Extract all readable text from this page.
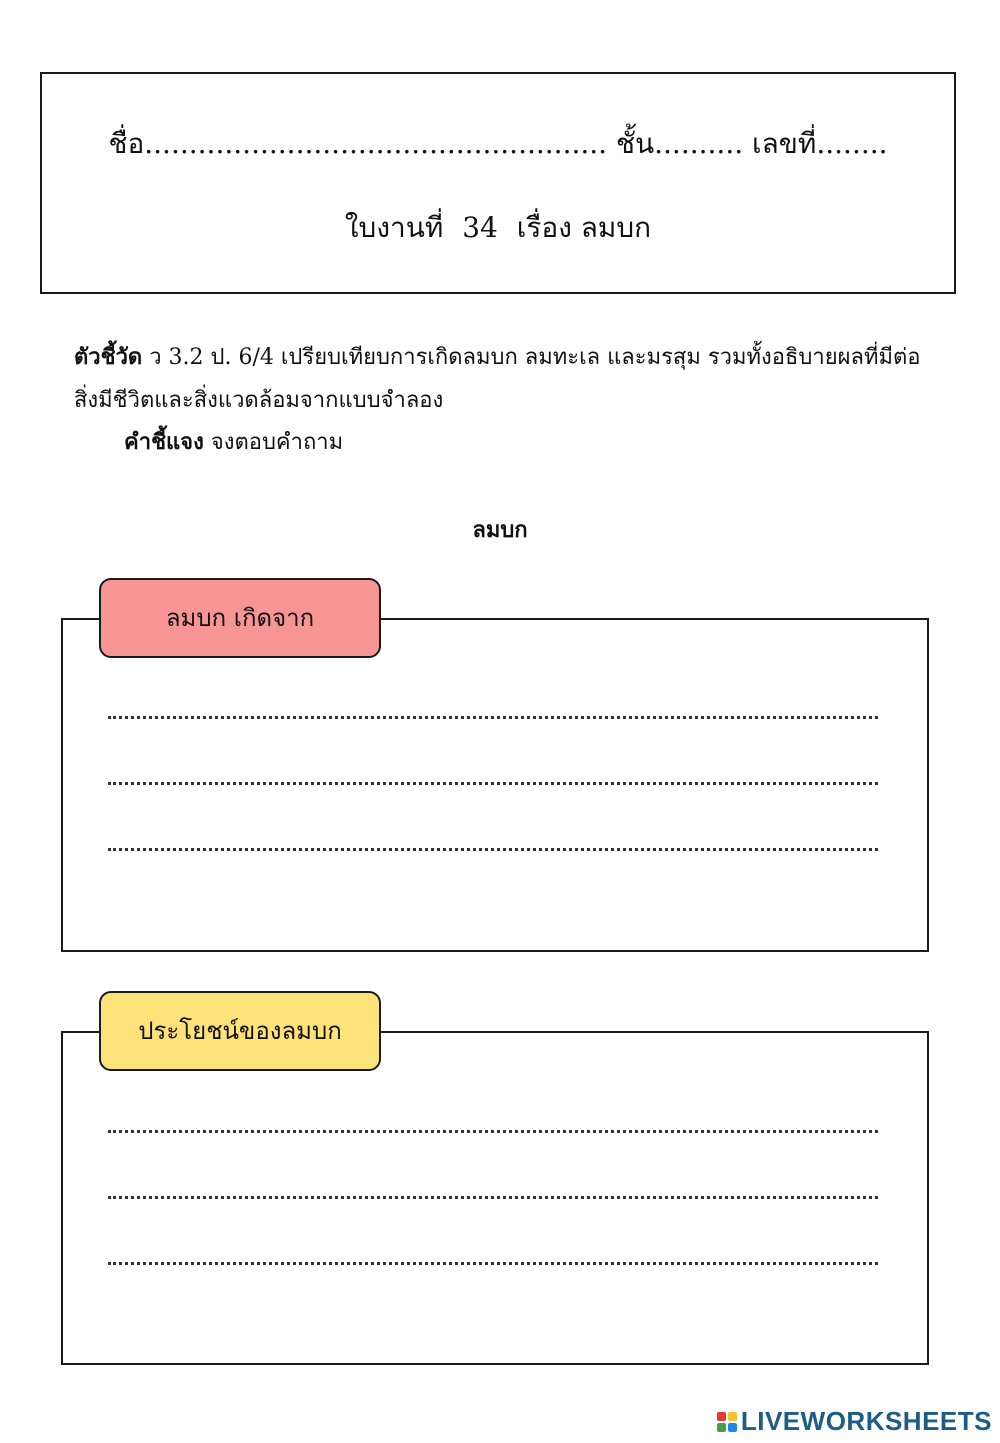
ชื่อ.................................................... ชั้น.......... เลขที่........
ใบงานที่ 34 เรื่อง ลมบก
ตัวชี้วัด ว 3.2 ป. 6/4 เปรียบเทียบการเกิดลมบก ลมทะเล และมรสุม รวมทั้งอธิบายผลที่มีต่อสิ่งมีชีวิตและสิ่งแวดล้อมจากแบบจำลอง
คำชี้แจง จงตอบคำถาม
ลมบก
ลมบก เกิดจาก
ประโยชน์ของลมบก
LIVEWORKSHEETS
